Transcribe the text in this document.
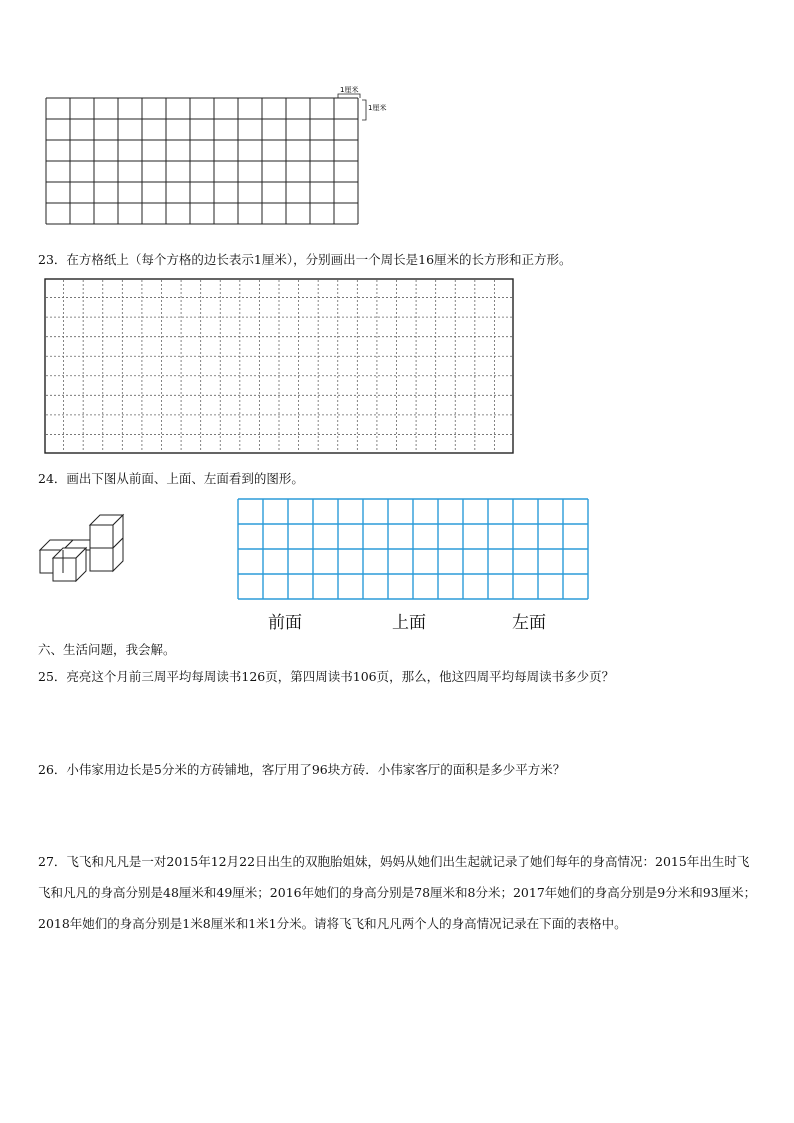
1厘米
1厘米
23．在方格纸上（每个方格的边长表示1厘米），分别画出一个周长是16厘米的长方形和正方形。
24．画出下图从前面、上面、左面看到的图形。
前面	上面	左面
六、生活问题，我会解。
25．亮亮这个月前三周平均每周读书126页，第四周读书106页，那么，他这四周平均每周读书多少页？
26．小伟家用边长是5分米的方砖铺地，客厅用了96块方砖．小伟家客厅的面积是多少平方米？
27．飞飞和凡凡是一对2015年12月22日出生的双胞胎姐妹，妈妈从她们出生起就记录了她们每年的身高情况：2015年出生时飞飞和凡凡的身高分别是48厘米和49厘米；2016年她们的身高分别是78厘米和8分米；2017年她们的身高分别是9分米和93厘米；2018年她们的身高分别是1米8厘米和1米1分米。请将飞飞和凡凡两个人的身高情况记录在下面的表格中。
